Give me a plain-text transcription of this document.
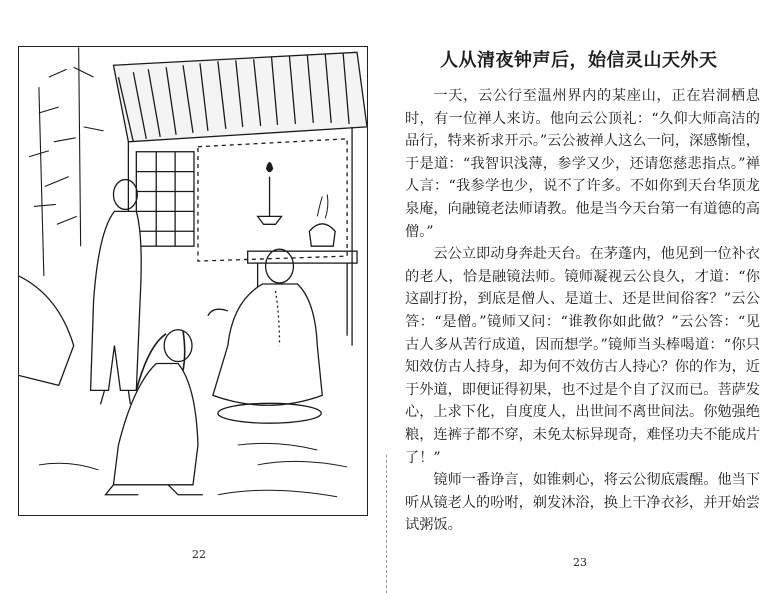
22
人从清夜钟声后，始信灵山天外天

一天，云公行至温州界内的某座山，正在岩洞栖息时，有一位禅人来访。他向云公顶礼：“久仰大师高洁的品行，特来祈求开示。”云公被禅人这么一问，深感惭惶，于是道：“我智识浅薄，参学又少，还请您慈悲指点。”禅人言：“我参学也少，说不了许多。不如你到天台华顶龙泉庵，向融镜老法师请教。他是当今天台第一有道德的高僧。”

云公立即动身奔赴天台。在茅蓬内，他见到一位补衣的老人，恰是融镜法师。镜师凝视云公良久，才道：“你这副打扮，到底是僧人、是道士、还是世间俗客？”云公答：“是僧。”镜师又问：“谁教你如此做？”云公答：“见古人多从苦行成道，因而想学。”镜师当头棒喝道：“你只知效仿古人持身，却为何不效仿古人持心？你的作为，近于外道，即便证得初果，也不过是个自了汉而已。菩萨发心，上求下化，自度度人，出世间不离世间法。你勉强绝粮，连裤子都不穿，未免太标异现奇，难怪功夫不能成片了！”

镜师一番诤言，如锥刺心，将云公彻底震醒。他当下听从镜老人的吩咐，剃发沐浴，换上干净衣衫，并开始尝试粥饭。

23
